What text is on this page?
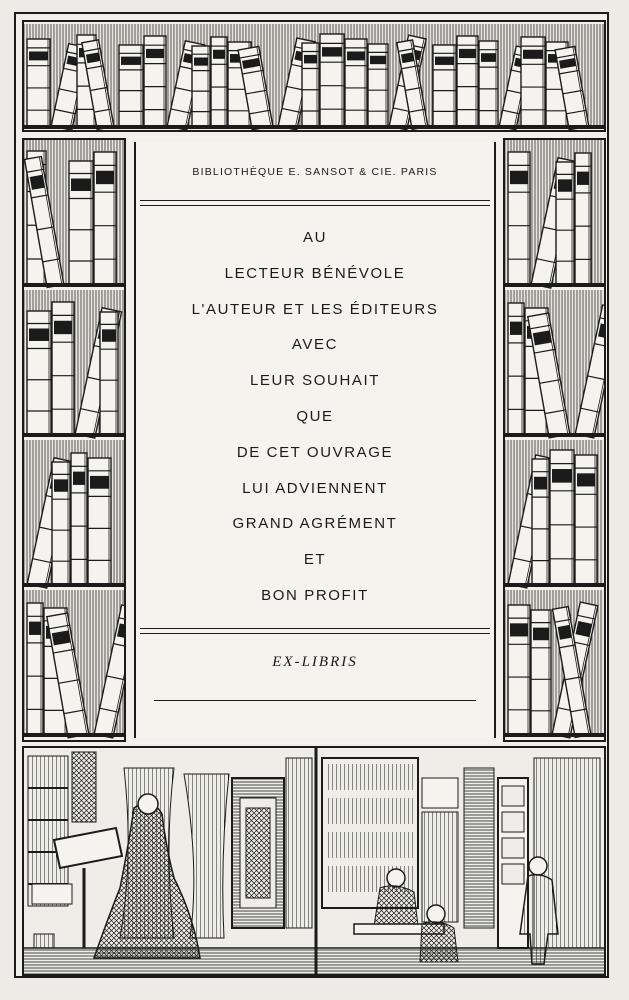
BIBLIOTHÈQUE E. SANSOT & CIE. PARIS
AU
LECTEUR BÉNÉVOLE
L'AUTEUR ET LES ÉDITEURS
AVEC
LEUR SOUHAIT
QUE
DE CET OUVRAGE
LUI ADVIENNENT
GRAND AGRÉMENT
ET
BON PROFIT
EX-LIBRIS
